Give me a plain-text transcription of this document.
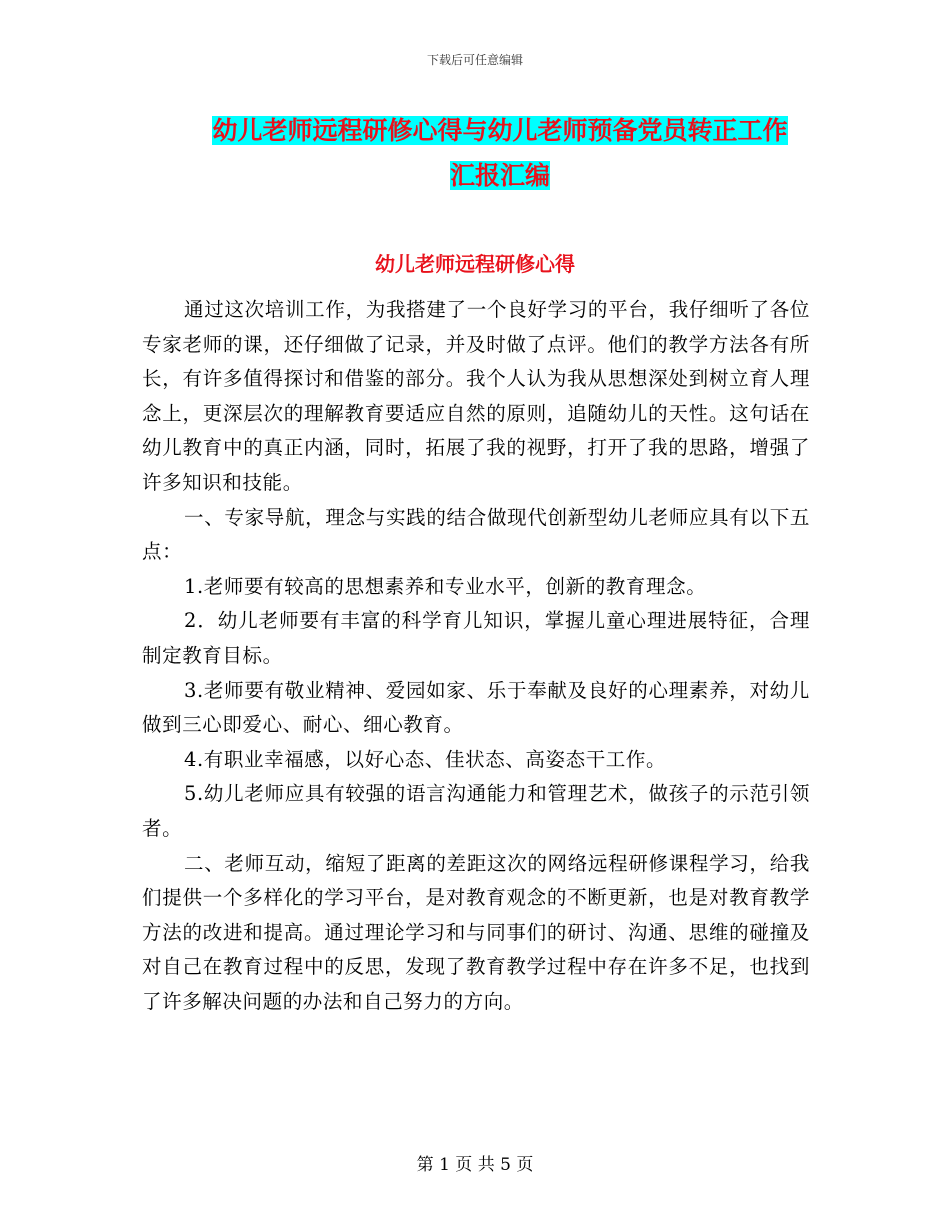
下载后可任意编辑
幼儿老师远程研修心得与幼儿老师预备党员转正工作
汇报汇编
幼儿老师远程研修心得

通过这次培训工作，为我搭建了一个良好学习的平台，我仔细听了各位专家老师的课，还仔细做了记录，并及时做了点评。他们的教学方法各有所长，有许多值得探讨和借鉴的部分。我个人认为我从思想深处到树立育人理念上，更深层次的理解教育要适应自然的原则，追随幼儿的天性。这句话在幼儿教育中的真正内涵，同时，拓展了我的视野，打开了我的思路，增强了许多知识和技能。

一、专家导航，理念与实践的结合做现代创新型幼儿老师应具有以下五点：

1.老师要有较高的思想素养和专业水平，创新的教育理念。

2．幼儿老师要有丰富的科学育儿知识，掌握儿童心理进展特征，合理制定教育目标。

3.老师要有敬业精神、爱园如家、乐于奉献及良好的心理素养，对幼儿做到三心即爱心、耐心、细心教育。

4.有职业幸福感，以好心态、佳状态、高姿态干工作。

5.幼儿老师应具有较强的语言沟通能力和管理艺术，做孩子的示范引领者。

二、老师互动，缩短了距离的差距这次的网络远程研修课程学习，给我们提供一个多样化的学习平台，是对教育观念的不断更新，也是对教育教学方法的改进和提高。通过理论学习和与同事们的研讨、沟通、思维的碰撞及对自己在教育过程中的反思，发现了教育教学过程中存在许多不足，也找到了许多解决问题的办法和自己努力的方向。

第 1 页 共 5 页
